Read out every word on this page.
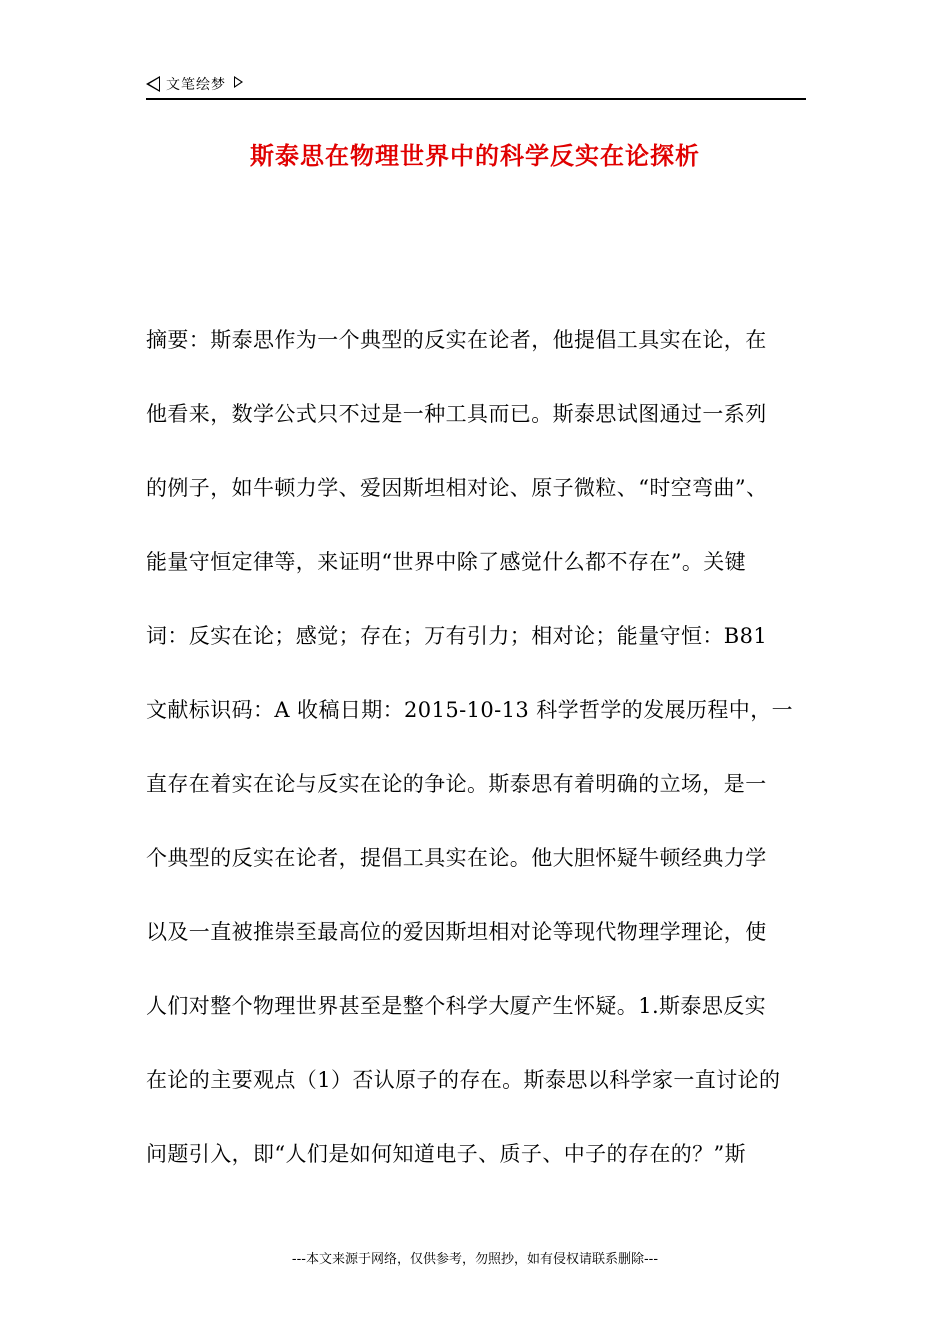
文笔绘梦
斯泰思在物理世界中的科学反实在论探析
摘要：斯泰思作为一个典型的反实在论者，他提倡工具实在论，在
他看来，数学公式只不过是一种工具而已。斯泰思试图通过一系列
的例子，如牛顿力学、爱因斯坦相对论、原子微粒、“时空弯曲”、
能量守恒定律等，来证明“世界中除了感觉什么都不存在”。关键
词：反实在论；感觉；存在；万有引力；相对论；能量守恒：B81
文献标识码：A 收稿日期：2015-10-13 科学哲学的发展历程中，一
直存在着实在论与反实在论的争论。斯泰思有着明确的立场，是一
个典型的反实在论者，提倡工具实在论。他大胆怀疑牛顿经典力学
以及一直被推崇至最高位的爱因斯坦相对论等现代物理学理论，使
人们对整个物理世界甚至是整个科学大厦产生怀疑。1.斯泰思反实
在论的主要观点（1）否认原子的存在。斯泰思以科学家一直讨论的
问题引入，即“人们是如何知道电子、质子、中子的存在的？”斯
---本文来源于网络，仅供参考，勿照抄，如有侵权请联系删除---
